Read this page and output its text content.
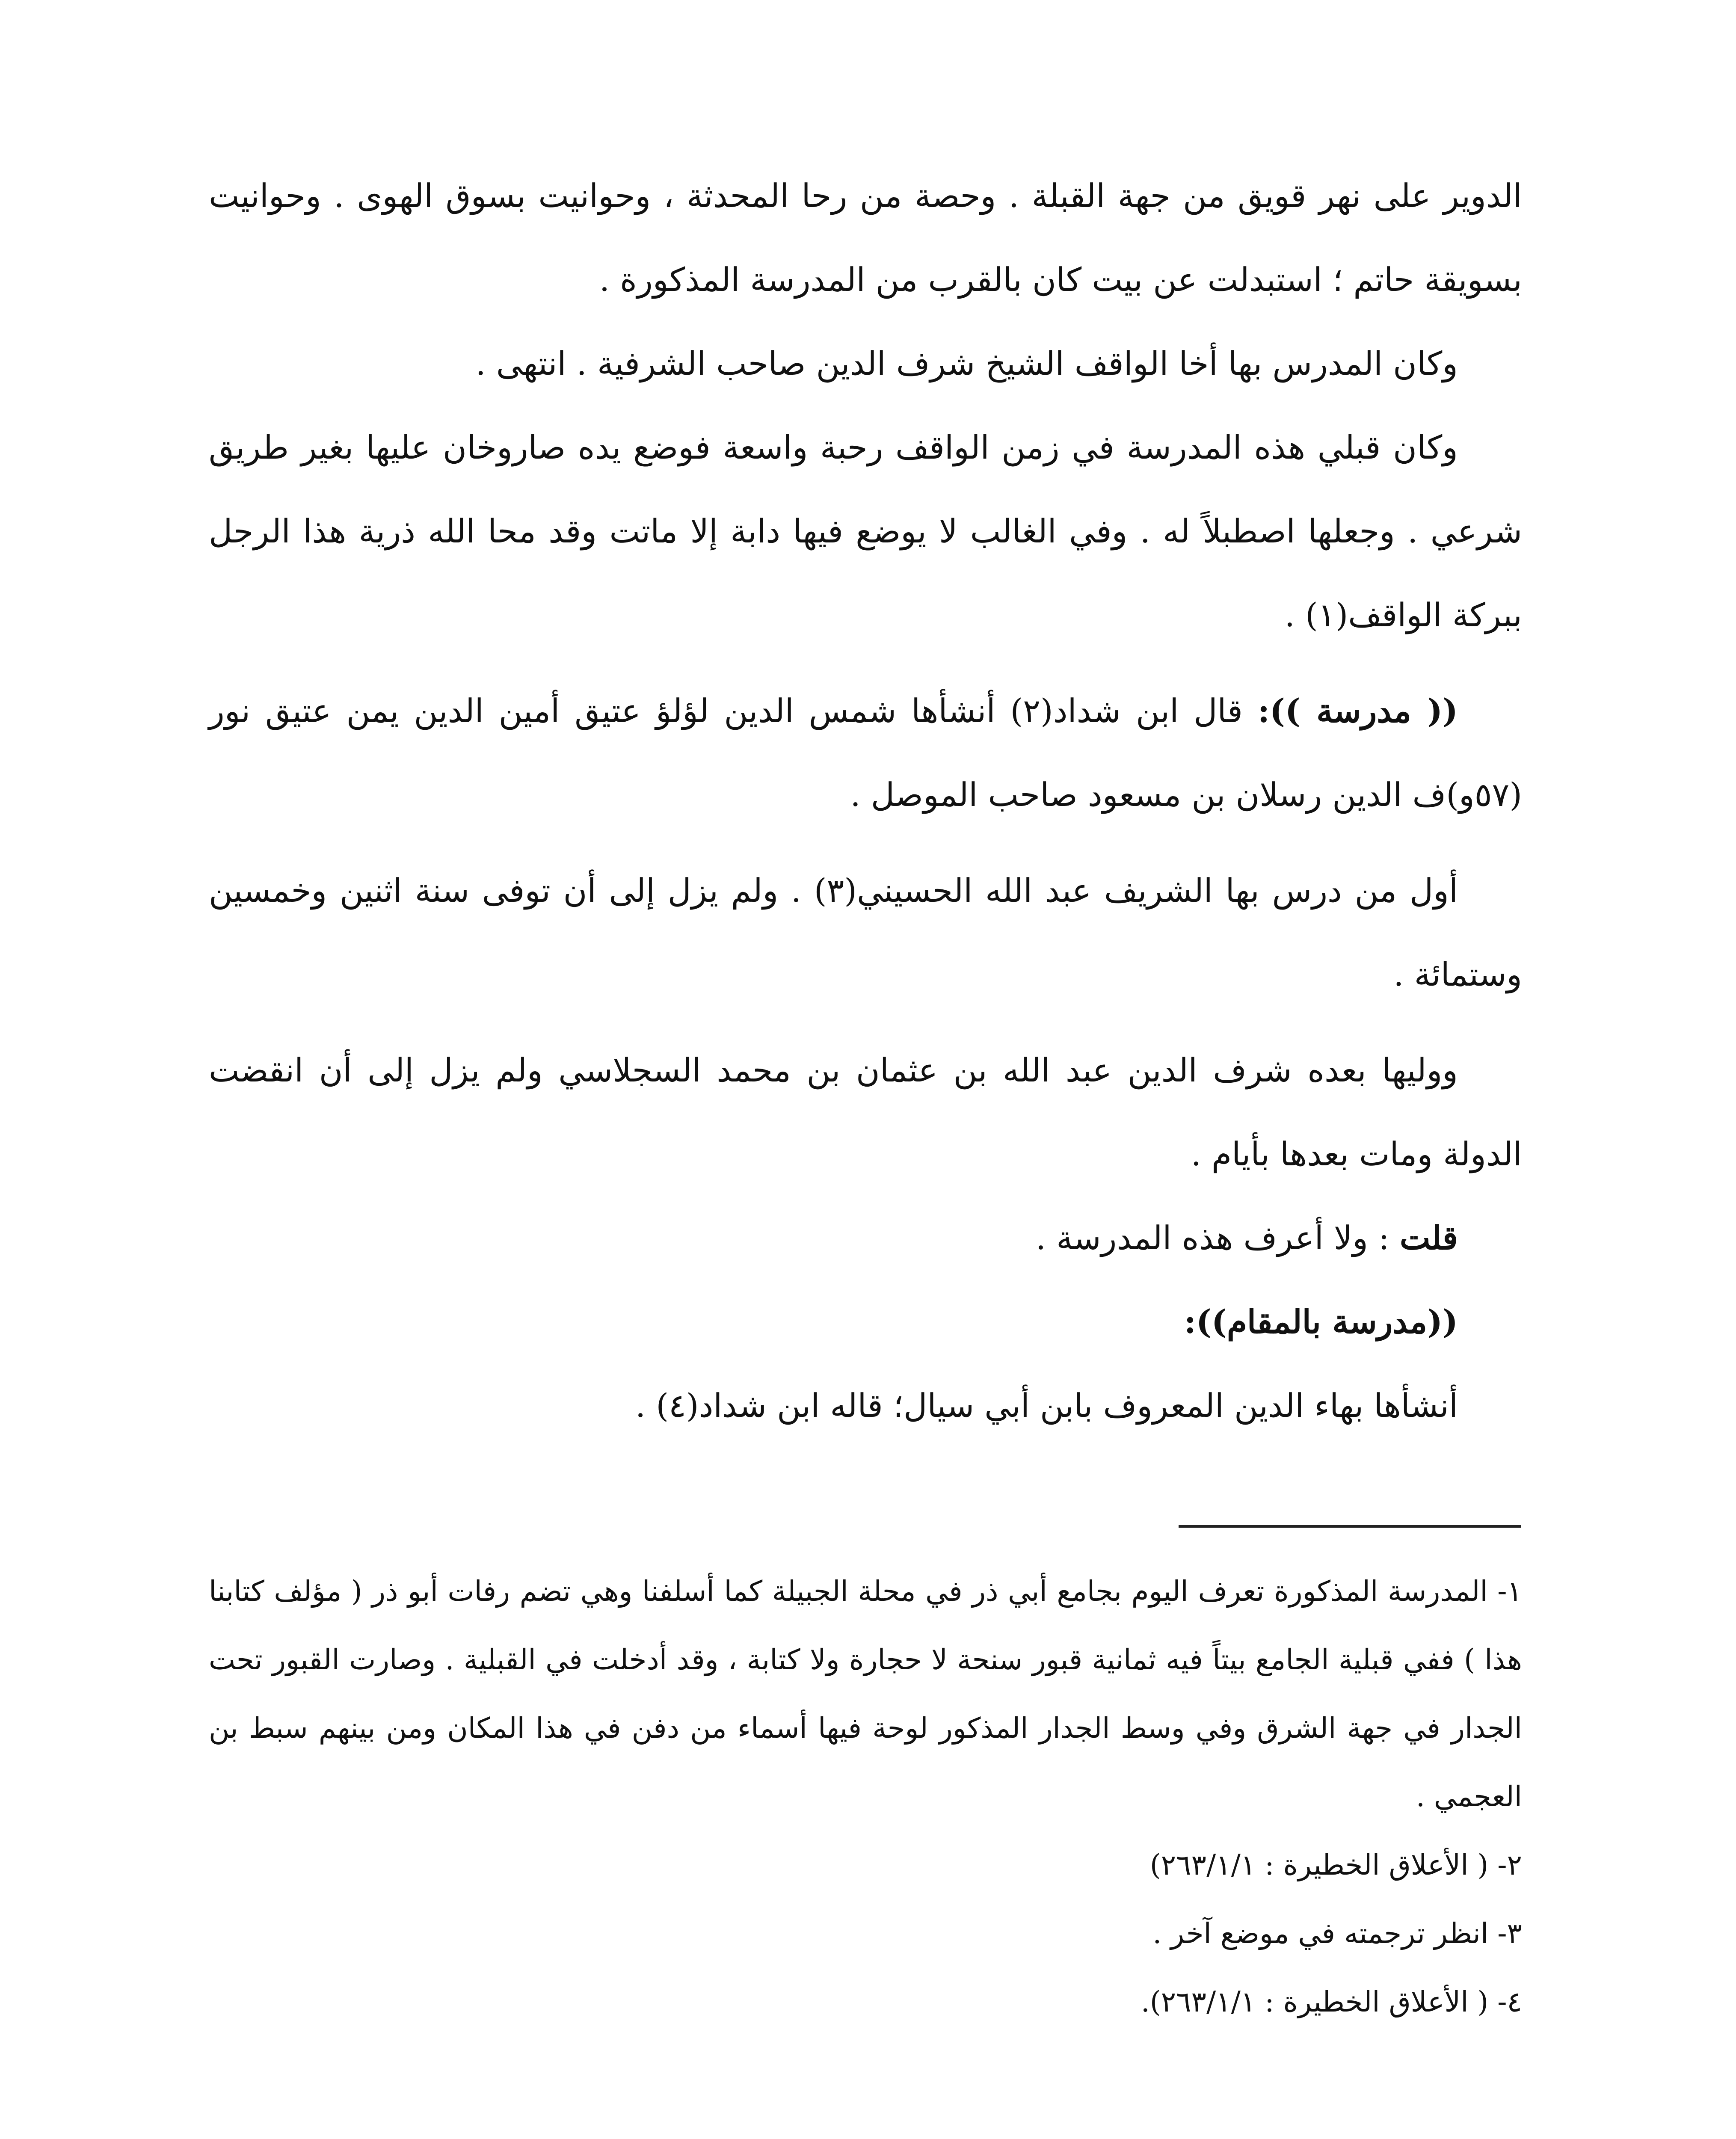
الدوير على نهر قويق من جهة القبلة . وحصة من رحا المحدثة ، وحوانيت بسوق الهوى . وحوانيت بسويقة حاتم ؛ استبدلت عن بيت كان بالقرب من المدرسة المذكورة .

وكان المدرس بها أخا الواقف الشيخ شرف الدين صاحب الشرفية . انتهى .

وكان قبلي هذه المدرسة في زمن الواقف رحبة واسعة فوضع يده صاروخان عليها بغير طريق شرعي . وجعلها اصطبلاً له . وفي الغالب لا يوضع فيها دابة إلا ماتت وقد محا الله ذرية هذا الرجل ببركة الواقف(١) .

(( مدرسة )): قال ابن شداد(٢) أنشأها شمس الدين لؤلؤ عتيق أمين الدين يمن عتيق نور (٥٧و)ف الدين رسلان بن مسعود صاحب الموصل .

أول من درس بها الشريف عبد الله الحسيني(٣) . ولم يزل إلى أن توفى سنة اثنين وخمسين وستمائة .

ووليها بعده شرف الدين عبد الله بن عثمان بن محمد السجلاسي ولم يزل إلى أن انقضت الدولة ومات بعدها بأيام .

قلت : ولا أعرف هذه المدرسة .

((مدرسة بالمقام)):

أنشأها بهاء الدين المعروف بابن أبي سيال؛ قاله ابن شداد(٤) .

١- المدرسة المذكورة تعرف اليوم بجامع أبي ذر في محلة الجبيلة كما أسلفنا وهي تضم رفات أبو ذر ( مؤلف كتابنا هذا ) ففي قبلية الجامع بيتاً فيه ثمانية قبور سنحة لا حجارة ولا كتابة ، وقد أدخلت في القبلية . وصارت القبور تحت الجدار في جهة الشرق وفي وسط الجدار المذكور لوحة فيها أسماء من دفن في هذا المكان ومن بينهم سبط بن العجمي .

٢- ( الأعلاق الخطيرة : ٢٦٣/١/١)

٣- انظر ترجمته في موضع آخر .

٤- ( الأعلاق الخطيرة : ٢٦٣/١/١).
